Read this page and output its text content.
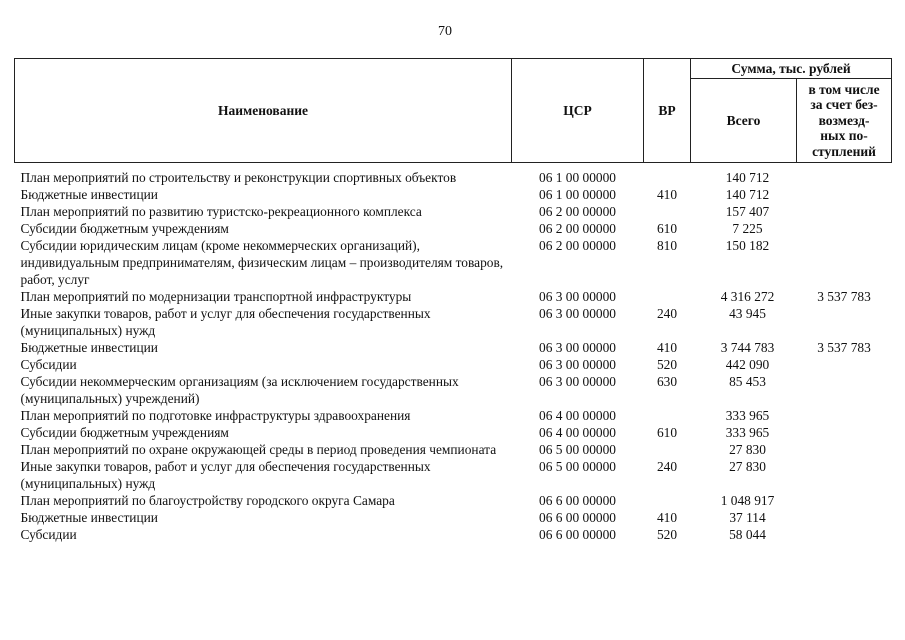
70
Наименование	ЦСР	ВР	Сумма, тыс. рублей	
			Всего	в том числе
за счет без-
возмезд-
ных по-
ступлений
План мероприятий по строительству и реконструкции спортивных объектов	06 1 00 00000		140 712	
Бюджетные инвестиции	06 1 00 00000	410	140 712	
План мероприятий по развитию туристско-рекреационного комплекса	06 2 00 00000		157 407	
Субсидии бюджетным учреждениям	06 2 00 00000	610	7 225	
Субсидии юридическим лицам (кроме некоммерческих организаций), индивидуальным предпринимателям, физическим лицам – производителям товаров, работ, услуг	06 2 00 00000	810	150 182	
План мероприятий по модернизации транспортной инфраструктуры	06 3 00 00000		4 316 272	3 537 783
Иные закупки товаров, работ и услуг для обеспечения государственных (муниципальных) нужд	06 3 00 00000	240	43 945	
Бюджетные инвестиции	06 3 00 00000	410	3 744 783	3 537 783
Субсидии	06 3 00 00000	520	442 090	
Субсидии некоммерческим организациям (за исключением государственных (муниципальных) учреждений)	06 3 00 00000	630	85 453	
План мероприятий по подготовке инфраструктуры здравоохранения	06 4 00 00000		333 965	
Субсидии бюджетным учреждениям	06 4 00 00000	610	333 965	
План мероприятий по охране окружающей среды в период проведения чемпионата	06 5 00 00000		27 830	
Иные закупки товаров, работ и услуг для обеспечения государственных (муниципальных) нужд	06 5 00 00000	240	27 830	
План мероприятий по благоустройству городского округа Самара	06 6 00 00000		1 048 917	
Бюджетные инвестиции	06 6 00 00000	410	37 114	
Субсидии	06 6 00 00000	520	58 044	
